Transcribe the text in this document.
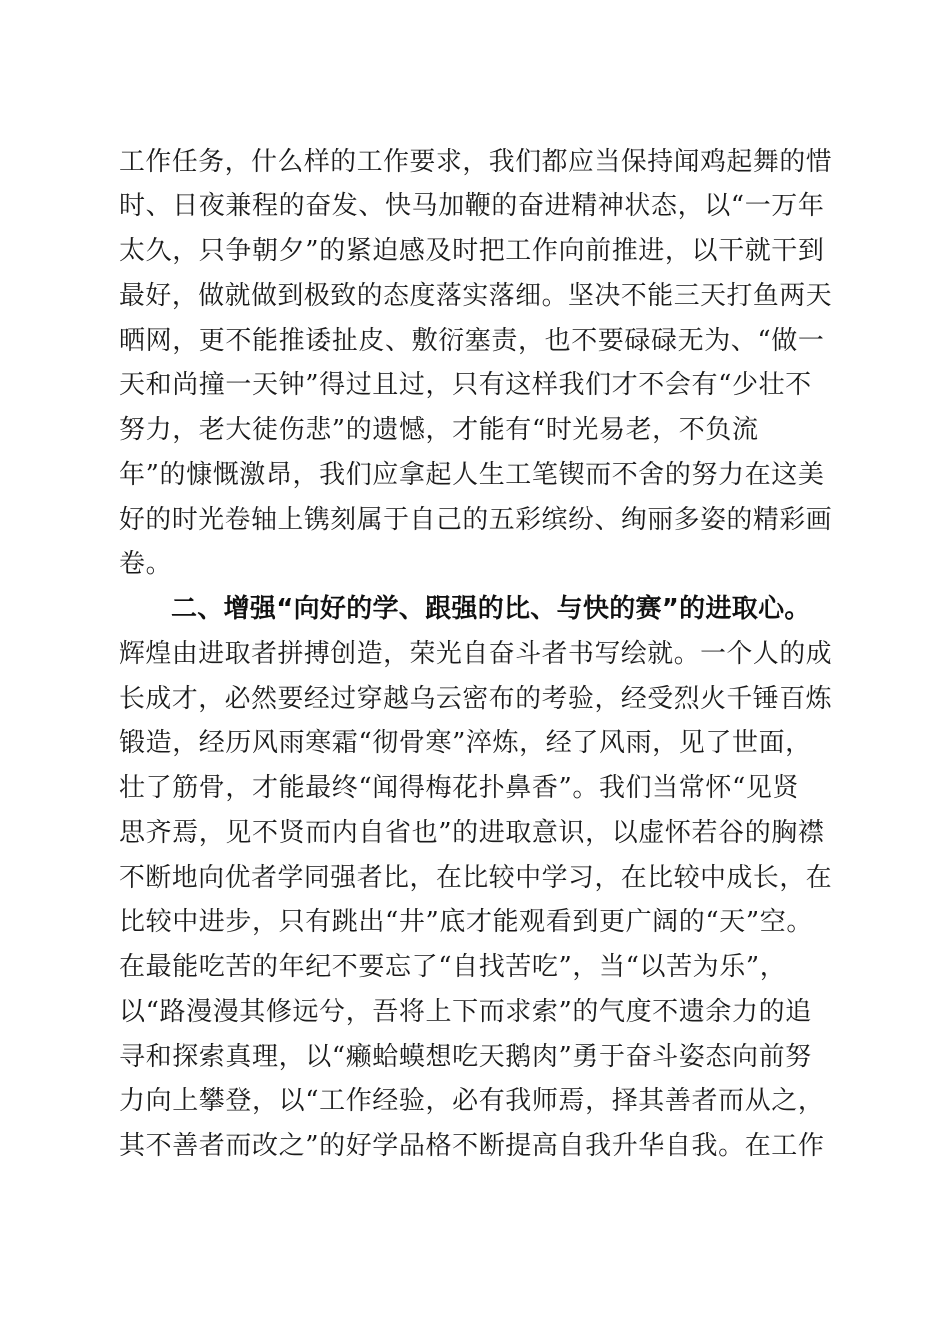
工作任务，什么样的工作要求，我们都应当保持闻鸡起舞的惜
时、日夜兼程的奋发、快马加鞭的奋进精神状态，以“一万年
太久，只争朝夕”的紧迫感及时把工作向前推进，以干就干到
最好，做就做到极致的态度落实落细。坚决不能三天打鱼两天
晒网，更不能推诿扯皮、敷衍塞责，也不要碌碌无为、“做一
天和尚撞一天钟”得过且过，只有这样我们才不会有“少壮不
努力，老大徒伤悲”的遗憾，才能有“时光易老，不负流
年”的慷慨激昂，我们应拿起人生工笔锲而不舍的努力在这美
好的时光卷轴上镌刻属于自己的五彩缤纷、绚丽多姿的精彩画
卷。
二、增强“向好的学、跟强的比、与快的赛”的进取心。
辉煌由进取者拼搏创造，荣光自奋斗者书写绘就。一个人的成
长成才，必然要经过穿越乌云密布的考验，经受烈火千锤百炼
锻造，经历风雨寒霜“彻骨寒”淬炼，经了风雨，见了世面，
壮了筋骨，才能最终“闻得梅花扑鼻香”。我们当常怀“见贤
思齐焉，见不贤而内自省也”的进取意识，以虚怀若谷的胸襟
不断地向优者学同强者比，在比较中学习，在比较中成长，在
比较中进步，只有跳出“井”底才能观看到更广阔的“天”空。
在最能吃苦的年纪不要忘了“自找苦吃”，当“以苦为乐”，
以“路漫漫其修远兮，吾将上下而求索”的气度不遗余力的追
寻和探索真理，以“癞蛤蟆想吃天鹅肉”勇于奋斗姿态向前努
力向上攀登，以“工作经验，必有我师焉，择其善者而从之，
其不善者而改之”的好学品格不断提高自我升华自我。在工作
